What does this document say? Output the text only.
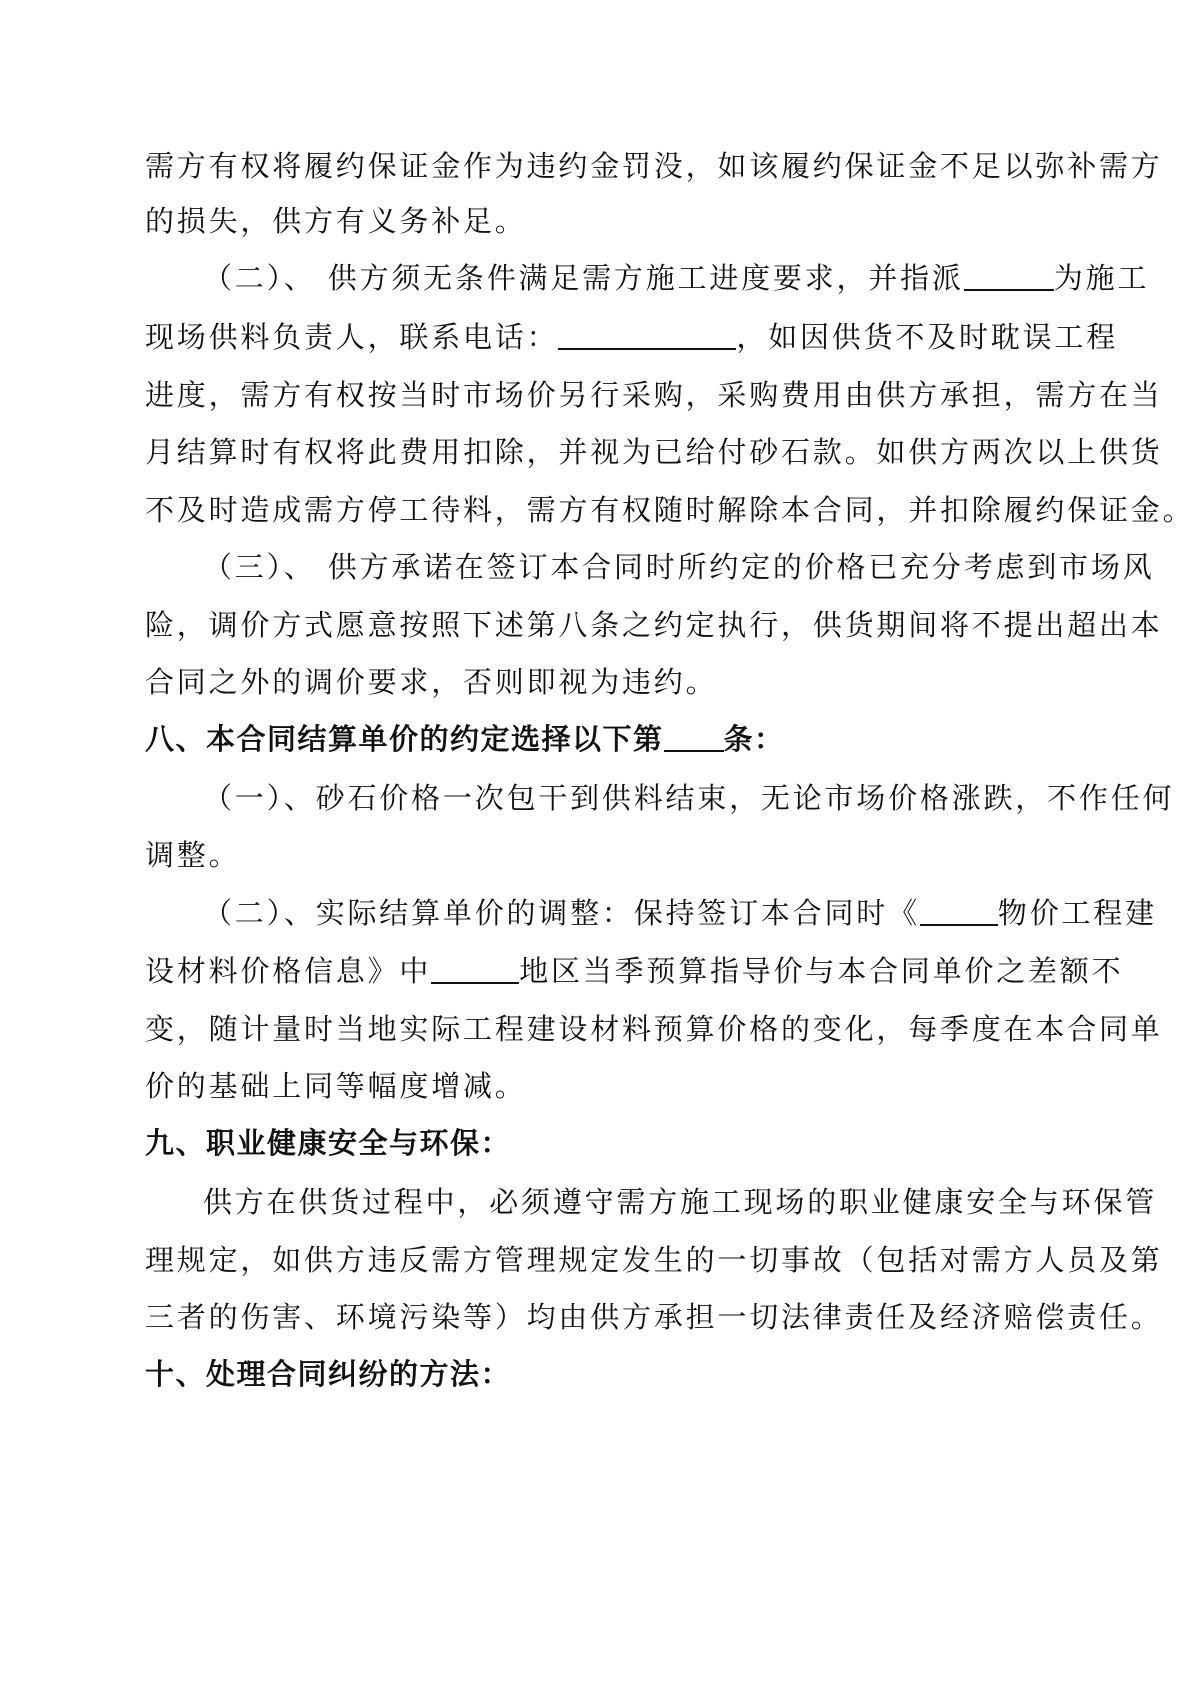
需方有权将履约保证金作为违约金罚没，如该履约保证金不足以弥补需方
的损失，供方有义务补足。
（二）、 供方须无条件满足需方施工进度要求，并指派	为施工
现场供料负责人，联系电话：	，如因供货不及时耽误工程
进度，需方有权按当时市场价另行采购，采购费用由供方承担，需方在当
月结算时有权将此费用扣除，并视为已给付砂石款。如供方两次以上供货
不及时造成需方停工待料，需方有权随时解除本合同，并扣除履约保证金。
（三）、 供方承诺在签订本合同时所约定的价格已充分考虑到市场风
险，调价方式愿意按照下述第八条之约定执行，供货期间将不提出超出本
合同之外的调价要求，否则即视为违约。
八、本合同结算单价的约定选择以下第 条：
（一）、砂石价格一次包干到供料结束，无论市场价格涨跌，不作任何
调整。
（二）、实际结算单价的调整：保持签订本合同时《	物价工程建
设材料价格信息》中	地区当季预算指导价与本合同单价之差额不
变，随计量时当地实际工程建设材料预算价格的变化，每季度在本合同单
价的基础上同等幅度增减。
九、职业健康安全与环保：
供方在供货过程中，必须遵守需方施工现场的职业健康安全与环保管
理规定，如供方违反需方管理规定发生的一切事故（包括对需方人员及第
三者的伤害、环境污染等）均由供方承担一切法律责任及经济赔偿责任。
十、处理合同纠纷的方法：
